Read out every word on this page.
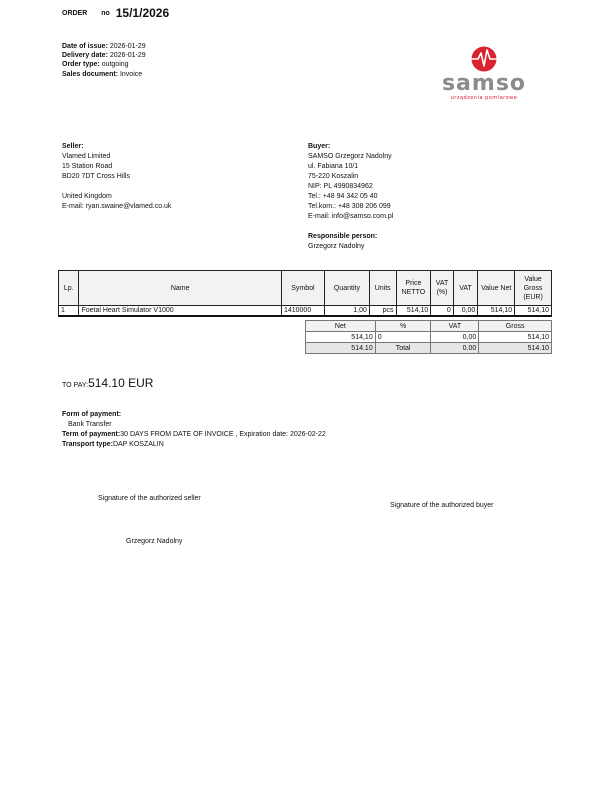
ORDER no 15/1/2026
Date of issue: 2026-01-29
Delivery date: 2026-01-29
Order type: outgoing
Sales document: Invoice	samso
urządzenia pomiarowe
Seller:
Vlamed Limited
15 Station Road
BD20 7DT Cross Hills
United Kingdom
E-mail: ryan.swaine@vlamed.co.uk
Buyer:
SAMSO Grzegorz Nadolny
ul. Fabiana 10/1
75-220 Koszalin
NIP: PL 4990834962
Tel.: +48 94 342 05 40
Tel.kom.: +48 308 206 099
E-mail: info@samso.com.pl
Responsible person:
Grzegorz Nadolny
Lp.	Name	Symbol	Quantity	Units	Price NETTO	VAT (%)	VAT	Value Net	Value Gross (EUR)
1	Foetal Heart Simulator V1000	1410000	1,00	pcs	514,10	0	0,00	514,10	514,10
Net	%	VAT	Gross
514,10	0	0,00	514,10
514.10	Total	0.00	514.10
TO PAY:514.10 EUR
Form of payment:
Bank Transfer
Term of payment:30 DAYS FROM DATE OF INVOICE , Expiration date: 2026-02-22
Transport type:DAP KOSZALIN
Signature of the authorized seller
Signature of the authorized buyer
Grzegorz Nadolny
